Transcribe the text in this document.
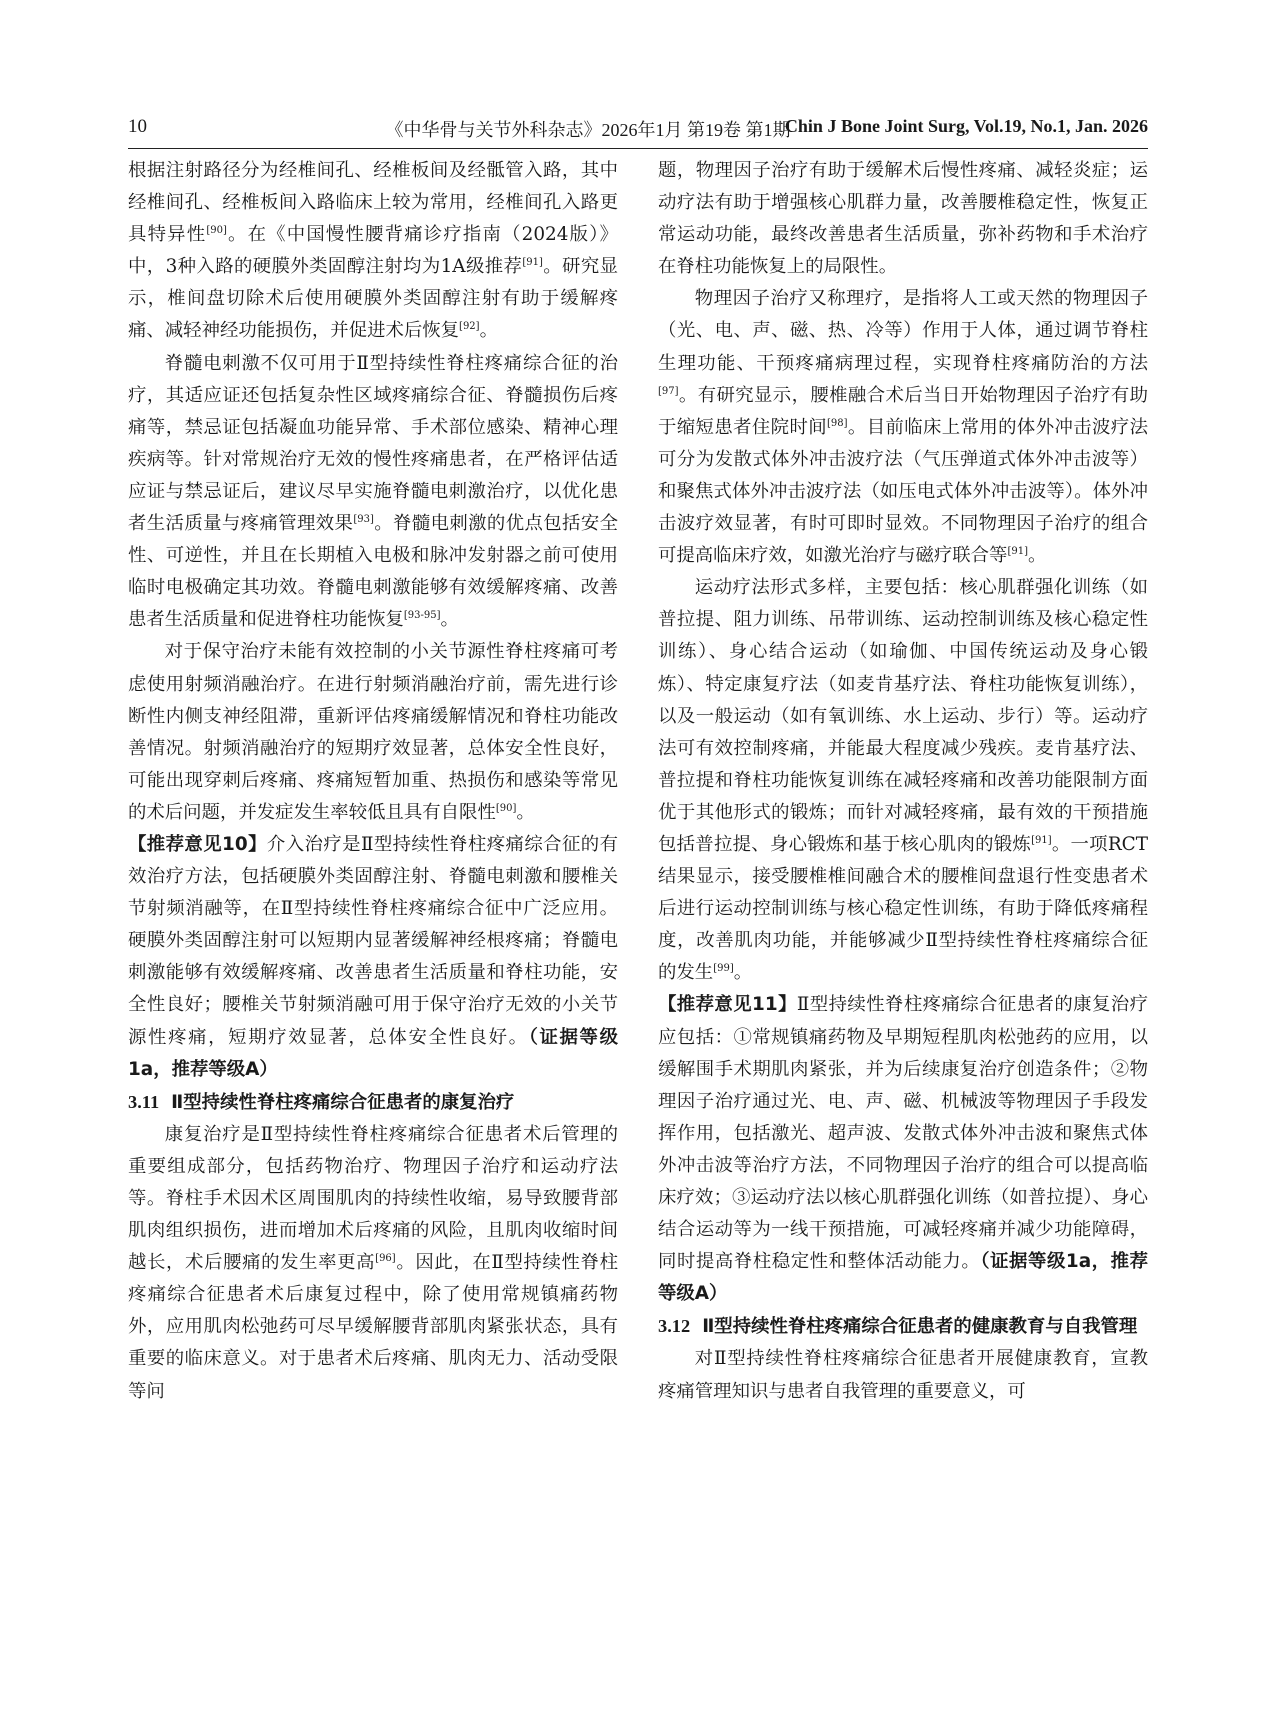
10	《中华骨与关节外科杂志》2026年1月 第19卷 第1期
Chin J Bone Joint Surg, Vol.19, No.1, Jan. 2026

根据注射路径分为经椎间孔、经椎板间及经骶管入路，其中经椎间孔、经椎板间入路临床上较为常用，经椎间孔入路更具特异性[90]。在《中国慢性腰背痛诊疗指南（2024版）》中，3种入路的硬膜外类固醇注射均为1A级推荐[91]。研究显示，椎间盘切除术后使用硬膜外类固醇注射有助于缓解疼痛、减轻神经功能损伤，并促进术后恢复[92]。

脊髓电刺激不仅可用于Ⅱ型持续性脊柱疼痛综合征的治疗，其适应证还包括复杂性区域疼痛综合征、脊髓损伤后疼痛等，禁忌证包括凝血功能异常、手术部位感染、精神心理疾病等。针对常规治疗无效的慢性疼痛患者，在严格评估适应证与禁忌证后，建议尽早实施脊髓电刺激治疗，以优化患者生活质量与疼痛管理效果[93]。脊髓电刺激的优点包括安全性、可逆性，并且在长期植入电极和脉冲发射器之前可使用临时电极确定其功效。脊髓电刺激能够有效缓解疼痛、改善患者生活质量和促进脊柱功能恢复[93-95]。

对于保守治疗未能有效控制的小关节源性脊柱疼痛可考虑使用射频消融治疗。在进行射频消融治疗前，需先进行诊断性内侧支神经阻滞，重新评估疼痛缓解情况和脊柱功能改善情况。射频消融治疗的短期疗效显著，总体安全性良好，可能出现穿刺后疼痛、疼痛短暂加重、热损伤和感染等常见的术后问题，并发症发生率较低且具有自限性[90]。

【推荐意见10】介入治疗是Ⅱ型持续性脊柱疼痛综合征的有效治疗方法，包括硬膜外类固醇注射、脊髓电刺激和腰椎关节射频消融等，在Ⅱ型持续性脊柱疼痛综合征中广泛应用。硬膜外类固醇注射可以短期内显著缓解神经根疼痛；脊髓电刺激能够有效缓解疼痛、改善患者生活质量和脊柱功能，安全性良好；腰椎关节射频消融可用于保守治疗无效的小关节源性疼痛，短期疗效显著，总体安全性良好。（证据等级1a，推荐等级A）

3.11 Ⅱ型持续性脊柱疼痛综合征患者的康复治疗

康复治疗是Ⅱ型持续性脊柱疼痛综合征患者术后管理的重要组成部分，包括药物治疗、物理因子治疗和运动疗法等。脊柱手术因术区周围肌肉的持续性收缩，易导致腰背部肌肉组织损伤，进而增加术后疼痛的风险，且肌肉收缩时间越长，术后腰痛的发生率更高[96]。因此，在Ⅱ型持续性脊柱疼痛综合征患者术后康复过程中，除了使用常规镇痛药物外，应用肌肉松弛药可尽早缓解腰背部肌肉紧张状态，具有重要的临床意义。对于患者术后疼痛、肌肉无力、活动受限等问

题，物理因子治疗有助于缓解术后慢性疼痛、减轻炎症；运动疗法有助于增强核心肌群力量，改善腰椎稳定性，恢复正常运动功能，最终改善患者生活质量，弥补药物和手术治疗在脊柱功能恢复上的局限性。

物理因子治疗又称理疗，是指将人工或天然的物理因子（光、电、声、磁、热、冷等）作用于人体，通过调节脊柱生理功能、干预疼痛病理过程，实现脊柱疼痛防治的方法[97]。有研究显示，腰椎融合术后当日开始物理因子治疗有助于缩短患者住院时间[98]。目前临床上常用的体外冲击波疗法可分为发散式体外冲击波疗法（气压弹道式体外冲击波等）和聚焦式体外冲击波疗法（如压电式体外冲击波等）。体外冲击波疗效显著，有时可即时显效。不同物理因子治疗的组合可提高临床疗效，如激光治疗与磁疗联合等[91]。

运动疗法形式多样，主要包括：核心肌群强化训练（如普拉提、阻力训练、吊带训练、运动控制训练及核心稳定性训练）、身心结合运动（如瑜伽、中国传统运动及身心锻炼）、特定康复疗法（如麦肯基疗法、脊柱功能恢复训练），以及一般运动（如有氧训练、水上运动、步行）等。运动疗法可有效控制疼痛，并能最大程度减少残疾。麦肯基疗法、普拉提和脊柱功能恢复训练在减轻疼痛和改善功能限制方面优于其他形式的锻炼；而针对减轻疼痛，最有效的干预措施包括普拉提、身心锻炼和基于核心肌肉的锻炼[91]。一项RCT结果显示，接受腰椎椎间融合术的腰椎间盘退行性变患者术后进行运动控制训练与核心稳定性训练，有助于降低疼痛程度，改善肌肉功能，并能够减少Ⅱ型持续性脊柱疼痛综合征的发生[99]。

【推荐意见11】Ⅱ型持续性脊柱疼痛综合征患者的康复治疗应包括：①常规镇痛药物及早期短程肌肉松弛药的应用，以缓解围手术期肌肉紧张，并为后续康复治疗创造条件；②物理因子治疗通过光、电、声、磁、机械波等物理因子手段发挥作用，包括激光、超声波、发散式体外冲击波和聚焦式体外冲击波等治疗方法，不同物理因子治疗的组合可以提高临床疗效；③运动疗法以核心肌群强化训练（如普拉提）、身心结合运动等为一线干预措施，可减轻疼痛并减少功能障碍，同时提高脊柱稳定性和整体活动能力。（证据等级1a，推荐等级A）

3.12 Ⅱ型持续性脊柱疼痛综合征患者的健康教育与自我管理

对Ⅱ型持续性脊柱疼痛综合征患者开展健康教育，宣教疼痛管理知识与患者自我管理的重要意义，可
